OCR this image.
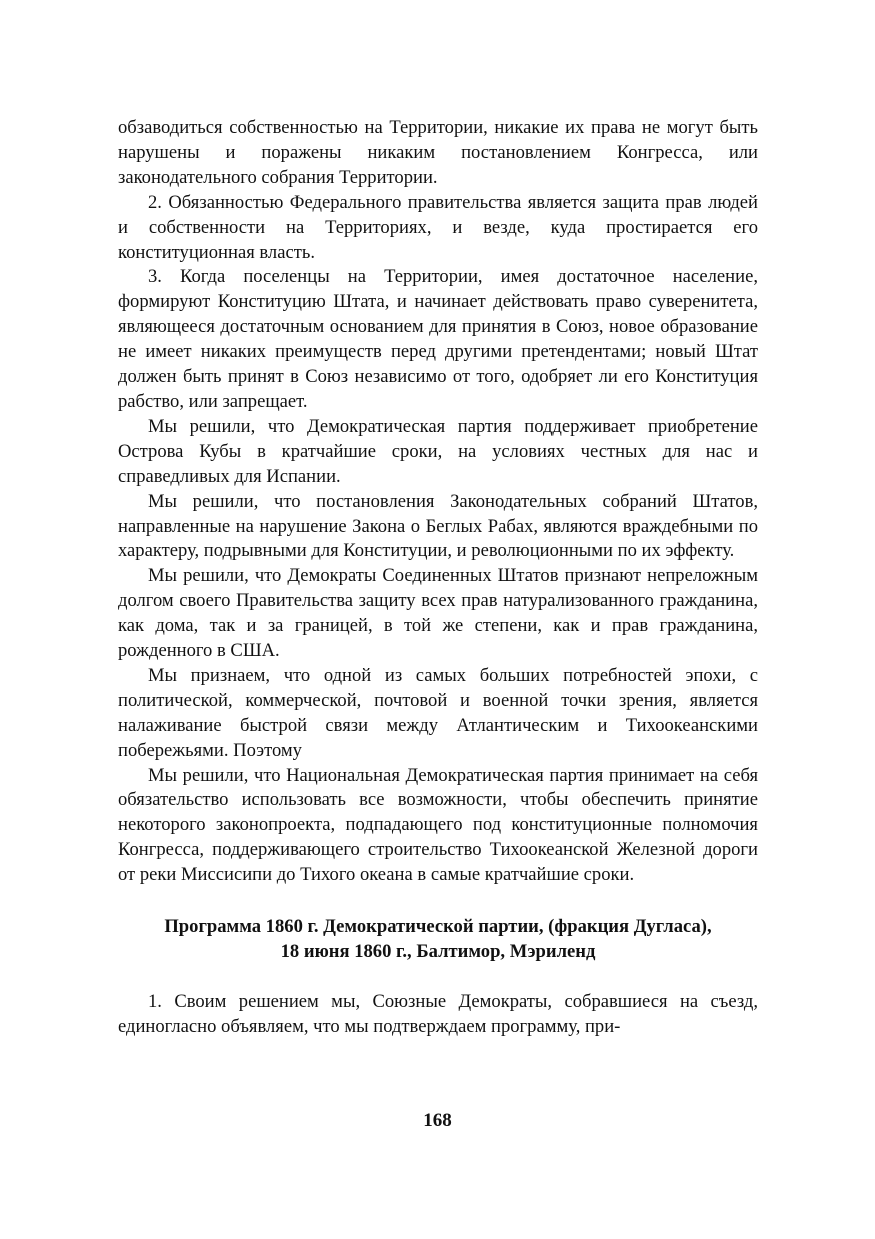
обзаводиться собственностью на Территории, никакие их права не могут быть нарушены и поражены никаким постановлением Конгресса, или законодательного собрания Территории.

2. Обязанностью Федерального правительства является защита прав людей и собственности на Территориях, и везде, куда простирается его конституционная власть.

3. Когда поселенцы на Территории, имея достаточное население, формируют Конституцию Штата, и начинает действовать право суверенитета, являющееся достаточным основанием для принятия в Союз, новое образование не имеет никаких преимуществ перед другими претендентами; новый Штат должен быть принят в Союз независимо от того, одобряет ли его Конституция рабство, или запрещает.

Мы решили, что Демократическая партия поддерживает приобретение Острова Кубы в кратчайшие сроки, на условиях честных для нас и справедливых для Испании.

Мы решили, что постановления Законодательных собраний Штатов, направленные на нарушение Закона о Беглых Рабах, являются враждебными по характеру, подрывными для Конституции, и революционными по их эффекту.

Мы решили, что Демократы Соединенных Штатов признают непреложным долгом своего Правительства защиту всех прав натурализованного гражданина, как дома, так и за границей, в той же степени, как и прав гражданина, рожденного в США.

Мы признаем, что одной из самых больших потребностей эпохи, с политической, коммерческой, почтовой и военной точки зрения, является налаживание быстрой связи между Атлантическим и Тихоокеанскими побережьями. Поэтому

Мы решили, что Национальная Демократическая партия принимает на себя обязательство использовать все возможности, чтобы обеспечить принятие некоторого законопроекта, подпадающего под конституционные полномочия Конгресса, поддерживающего строительство Тихоокеанской Железной дороги от реки Миссисипи до Тихого океана в самые кратчайшие сроки.

Программа 1860 г. Демократической партии, (фракция Дугласа),
18 июня 1860 г., Балтимор, Мэриленд

1. Своим решением мы, Союзные Демократы, собравшиеся на съезд, единогласно объявляем, что мы подтверждаем программу, при-

168
